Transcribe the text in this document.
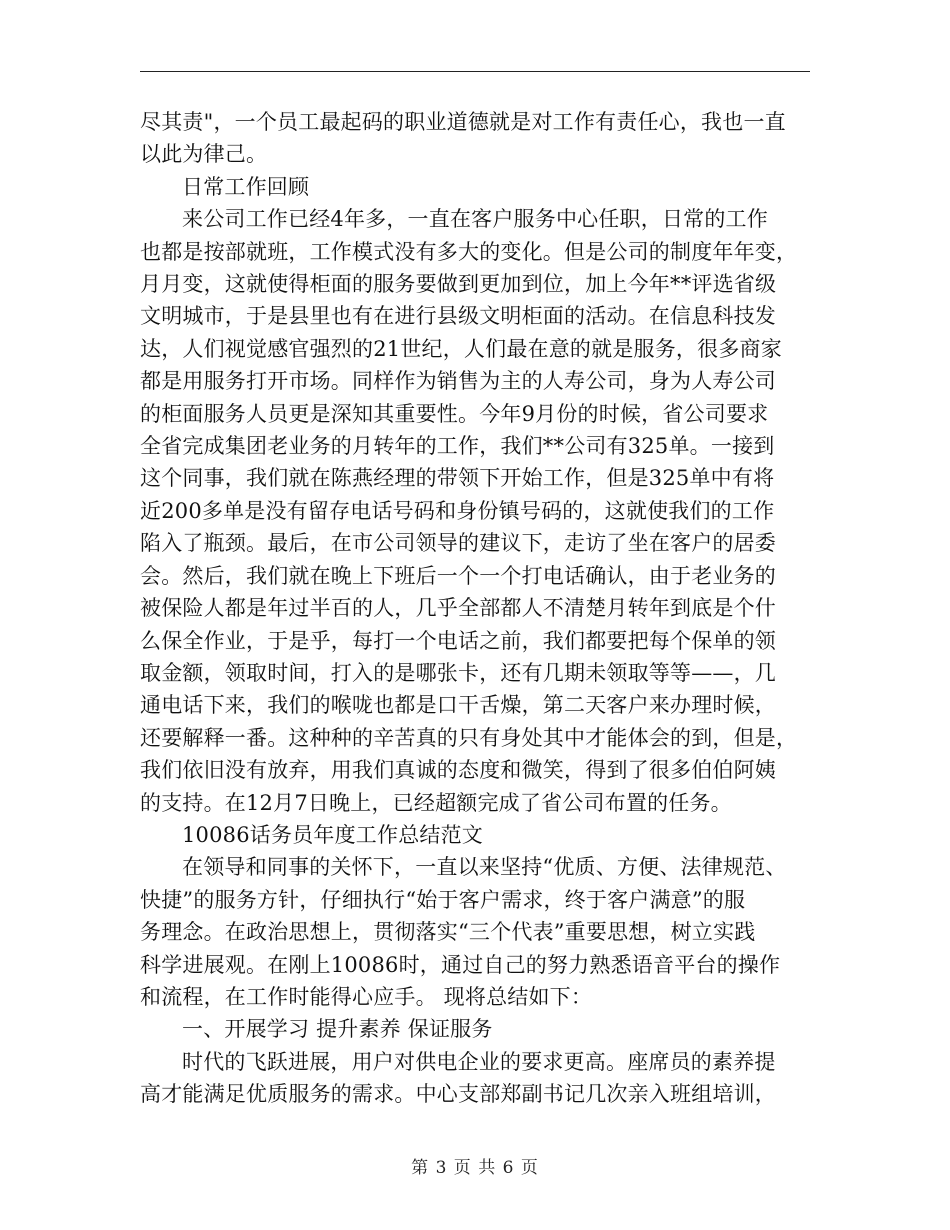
尽其责"，一个员工最起码的职业道德就是对工作有责任心，我也一直
以此为律己。
日常工作回顾
来公司工作已经4年多，一直在客户服务中心任职，日常的工作
也都是按部就班，工作模式没有多大的变化。但是公司的制度年年变，
月月变，这就使得柜面的服务要做到更加到位，加上今年**评选省级
文明城市，于是县里也有在进行县级文明柜面的活动。在信息科技发
达，人们视觉感官强烈的21世纪，人们最在意的就是服务，很多商家
都是用服务打开市场。同样作为销售为主的人寿公司，身为人寿公司
的柜面服务人员更是深知其重要性。今年9月份的时候，省公司要求
全省完成集团老业务的月转年的工作，我们**公司有325单。一接到
这个同事，我们就在陈燕经理的带领下开始工作，但是325单中有将
近200多单是没有留存电话号码和身份镇号码的，这就使我们的工作
陷入了瓶颈。最后，在市公司领导的建议下，走访了坐在客户的居委
会。然后，我们就在晚上下班后一个一个打电话确认，由于老业务的
被保险人都是年过半百的人，几乎全部都人不清楚月转年到底是个什
么保全作业，于是乎，每打一个电话之前，我们都要把每个保单的领
取金额，领取时间，打入的是哪张卡，还有几期未领取等等——，几
通电话下来，我们的喉咙也都是口干舌燥，第二天客户来办理时候，
还要解释一番。这种种的辛苦真的只有身处其中才能体会的到，但是，
我们依旧没有放弃，用我们真诚的态度和微笑，得到了很多伯伯阿姨
的支持。在12月7日晚上，已经超额完成了省公司布置的任务。
10086话务员年度工作总结范文
在领导和同事的关怀下，一直以来坚持“优质、方便、法律规范、
快捷”的服务方针，仔细执行“始于客户需求，终于客户满意”的服
务理念。在政治思想上，贯彻落实“三个代表”重要思想，树立实践
科学进展观。在刚上10086时，通过自己的努力熟悉语音平台的操作
和流程，在工作时能得心应手。 现将总结如下：
一、开展学习 提升素养 保证服务
时代的飞跃进展，用户对供电企业的要求更高。座席员的素养提
高才能满足优质服务的需求。中心支部郑副书记几次亲入班组培训，
第 3 页 共 6 页
